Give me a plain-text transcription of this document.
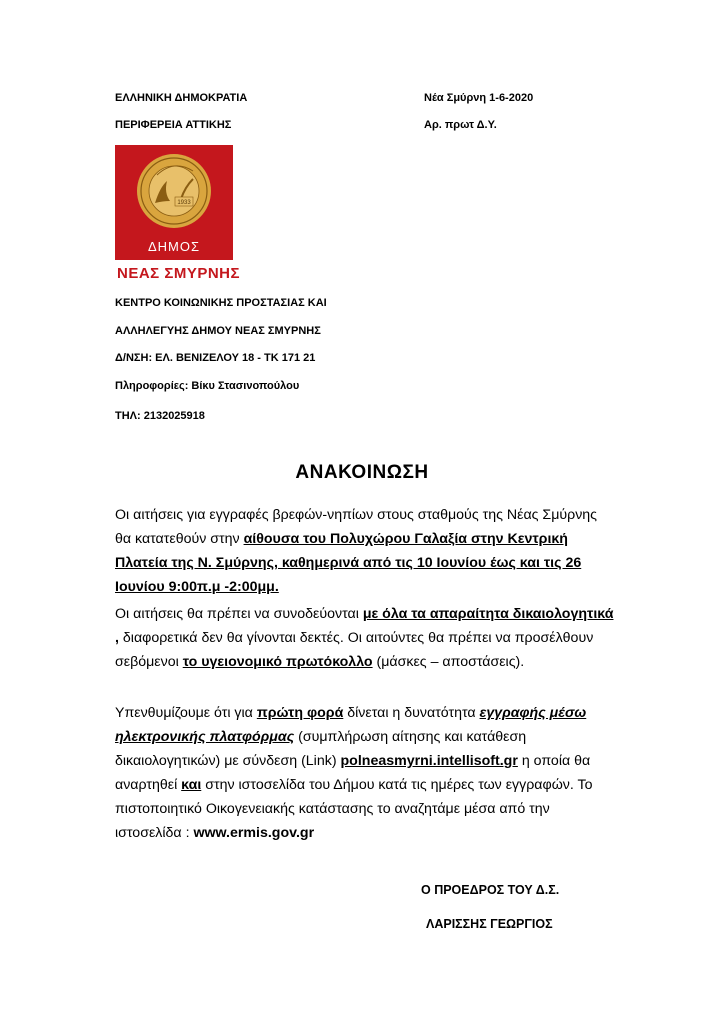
ΕΛΛΗΝΙΚΗ ΔΗΜΟΚΡΑΤΙΑ
ΠΕΡΙΦΕΡΕΙΑ ΑΤΤΙΚΗΣ
Νέα Σμύρνη 1-6-2020
Αρ. πρωτ Δ.Υ.
1933
ΔΗΜΟΣ
ΝΕΑΣ ΣΜΥΡΝΗΣ
ΚΕΝΤΡΟ ΚΟΙΝΩΝΙΚΗΣ ΠΡΟΣΤΑΣΙΑΣ ΚΑΙ
ΑΛΛΗΛΕΓΥΗΣ ΔΗΜΟΥ ΝΕΑΣ ΣΜΥΡΝΗΣ
Δ/ΝΣΗ: ΕΛ. ΒΕΝΙΖΕΛΟΥ 18 - ΤΚ 171 21
Πληροφορίες: Βίκυ Στασινοπούλου
ΤΗΛ: 2132025918
ΑΝΑΚΟΙΝΩΣΗ

Οι αιτήσεις για εγγραφές βρεφών-νηπίων στους σταθμούς της Νέας Σμύρνης θα κατατεθούν στην αίθουσα του Πολυχώρου Γαλαξία στην Κεντρική Πλατεία της Ν. Σμύρνης, καθημερινά από τις 10 Ιουνίου έως και τις 26 Ιουνίου 9:00π.μ -2:00μμ.

Οι αιτήσεις θα πρέπει να συνοδεύονται με όλα τα απαραίτητα δικαιολογητικά , διαφορετικά δεν θα γίνονται δεκτές. Οι αιτούντες θα πρέπει να προσέλθουν σεβόμενοι το υγειονομικό πρωτόκολλο (μάσκες – αποστάσεις).

Υπενθυμίζουμε ότι για πρώτη φορά δίνεται η δυνατότητα εγγραφής μέσω ηλεκτρονικής πλατφόρμας (συμπλήρωση αίτησης και κατάθεση δικαιολογητικών) με σύνδεση (Link) polneasmyrni.intellisoft.gr η οποία θα αναρτηθεί και στην ιστοσελίδα του Δήμου κατά τις ημέρες των εγγραφών. Το πιστοποιητικό Οικογενειακής κατάστασης το αναζητάμε μέσα από την ιστοσελίδα : www.ermis.gov.gr

Ο ΠΡΟΕΔΡΟΣ ΤΟΥ Δ.Σ.
ΛΑΡΙΣΣΗΣ ΓΕΩΡΓΙΟΣ
